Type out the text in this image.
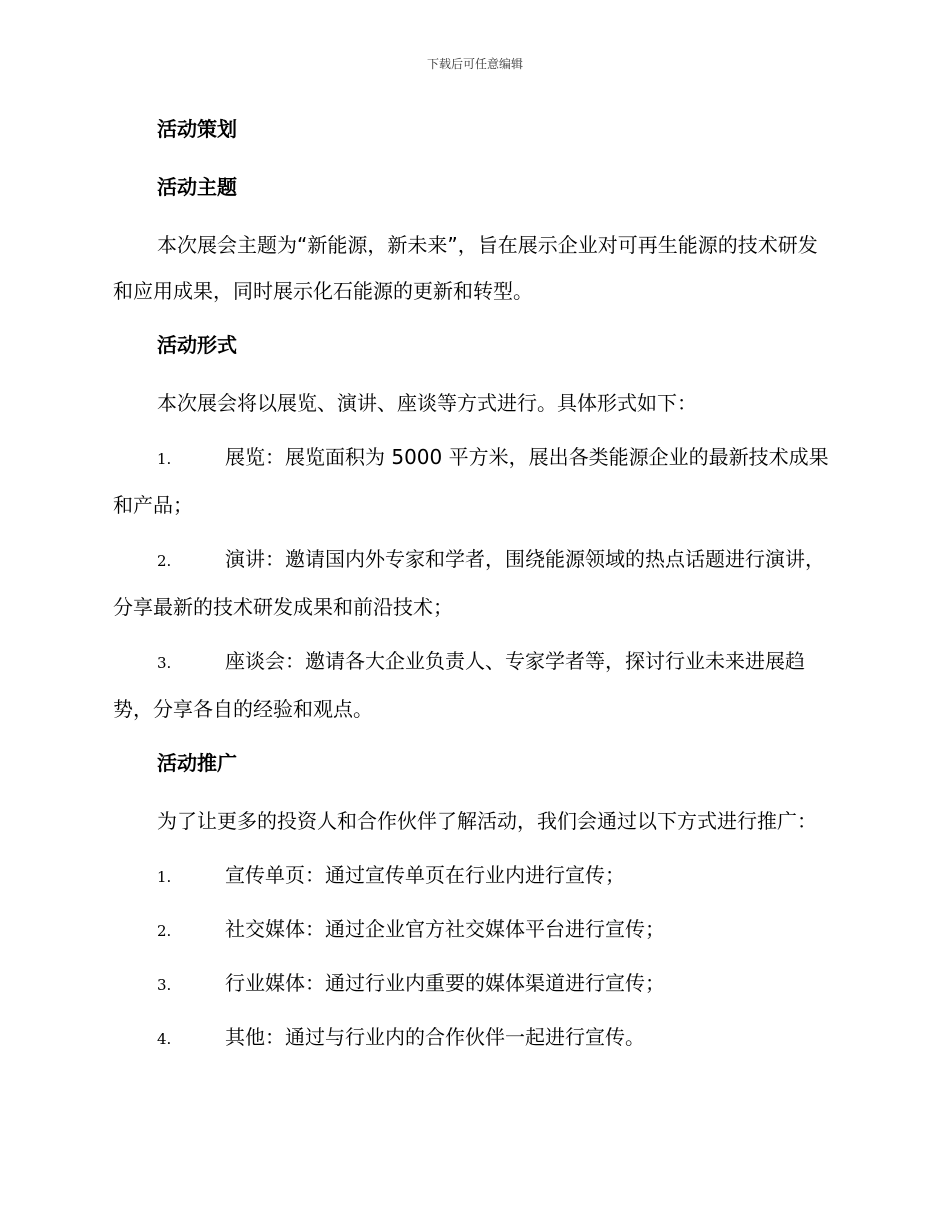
下载后可任意编辑
活动策划
活动主题

本次展会主题为“新能源，新未来”，旨在展示企业对可再生能源的技术研发和应用成果，同时展示化石能源的更新和转型。

活动形式

本次展会将以展览、演讲、座谈等方式进行。具体形式如下：

1.	展览：展览面积为 5000 平方米，展出各类能源企业的最新技术成果和产品；
2.	演讲：邀请国内外专家和学者，围绕能源领域的热点话题进行演讲，分享最新的技术研发成果和前沿技术；
3.	座谈会：邀请各大企业负责人、专家学者等，探讨行业未来进展趋势，分享各自的经验和观点。
活动推广

为了让更多的投资人和合作伙伴了解活动，我们会通过以下方式进行推广：

1.	宣传单页：通过宣传单页在行业内进行宣传；
2.	社交媒体：通过企业官方社交媒体平台进行宣传；
3.	行业媒体：通过行业内重要的媒体渠道进行宣传；
4.	其他：通过与行业内的合作伙伴一起进行宣传。
